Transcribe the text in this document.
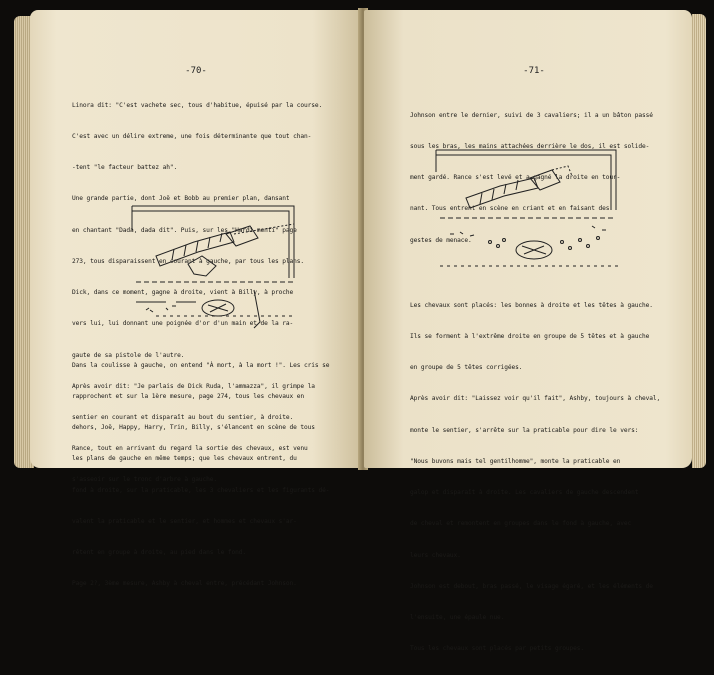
-70-

Linora dit: "C'est vachete sec, tous d'habitue, épuisé par la course.

C'est avec un délire extreme, une fois déterminante que tout chan-

-tent "le facteur battez ah".

Une grande partie, dont Joë et Bobb au premier plan, dansant

en chantant "Dada, dada dit". Puis, sur les "Hardi menti" page

273, tous disparaissent en courant à gauche, par tous les plans.

Dick, dans ce moment, gagne à droite, vient à Billy, à proche

vers lui, lui donnant une poignée d'or d'un main et de la ra-

gaute de sa pistole de l'autre.

Après avoir dit: "Je parlais de Dick Ruda, l'ammazza", il grimpe la

sentier en courant et disparaît au bout du sentier, à droite.

Rance, tout en arrivant du regard la sortie des chevaux, est venu

s'asseoir sur le tronc d'arbre à gauche.

Dans la coulisse à gauche, on entend "À mort, à la mort !". Les cris se

rapprochent et sur la 1ère mesure, page 274, tous les chevaux en

dehors, Joë, Happy, Harry, Trin, Billy, s'élancent en scène de tous

les plans de gauche en même temps; que les chevaux entrent, du

fond à droite, sur la praticable, les 3 chevaliers et les figurants dé-

valent la praticable et le sentier, et hommes et chevaux s'ar-

rêtent en groupe à droite, au pied dans le fond.

Page 2?, 3ème mesure, Ashby à cheval entre, précédant Johnson.

-71-

Johnson entre le dernier, suivi de 3 cavaliers; il a un bâton passé

sous les bras, les mains attachées derrière le dos, il est solide-

ment gardé. Rance s'est levé et a gagné la droite en tour-

nant. Tous entrent en scène en criant et en faisant des

gestes de menace.

Les chevaux sont placés: les bonnes à droite et les têtes à gauche.

Ils se forment à l'extrême droite en groupe de 5 têtes et à gauche

en groupe de 5 têtes corrigées.

Après avoir dit: "Laissez voir qu'il fait", Ashby, toujours à cheval,

monte le sentier, s'arrête sur la praticable pour dire le vers:

"Nous buvons mais tel gentilhomme", monte la praticable en

galop et disparaît à droite. Les cavaliers de gauche descendent

de cheval et remontent en groupes dans le fond à gauche, avec

leurs chevaux.

Johnson est debout, bras passé, le visage égaré, et les éléments de

l'ensuite, une épaule nue.

Tous les chevaux sont placés par petits groupes.
